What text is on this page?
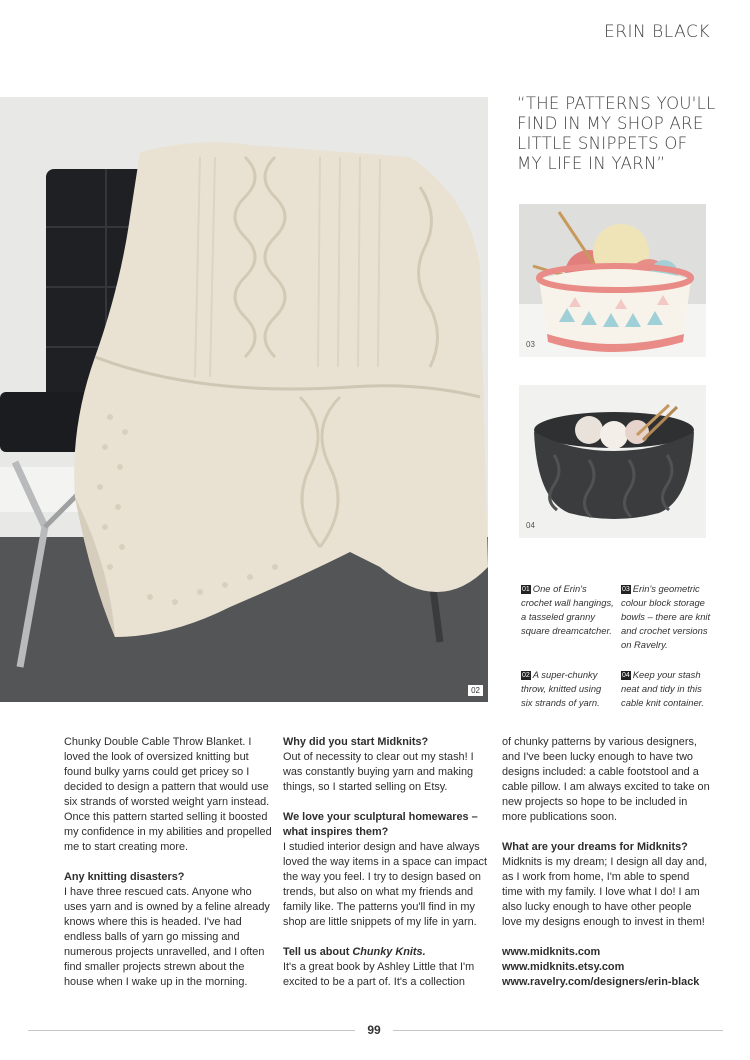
ERIN BLACK
02
“THE PATTERNS YOU'LL FIND IN MY SHOP ARE LITTLE SNIPPETS OF MY LIFE IN YARN”
03
04
01 One of Erin's crochet wall hangings, a tasseled granny square dreamcatcher.
03 Erin's geometric colour block storage bowls – there are knit and crochet versions on Ravelry.
02 A super-chunky throw, knitted using six strands of yarn.
04 Keep your stash neat and tidy in this cable knit container.

Chunky Double Cable Throw Blanket. I loved the look of oversized knitting but found bulky yarns could get pricey so I decided to design a pattern that would use six strands of worsted weight yarn instead. Once this pattern started selling it boosted my confidence in my abilities and propelled me to start creating more.

Any knitting disasters?

I have three rescued cats. Anyone who uses yarn and is owned by a feline already knows where this is headed. I've had endless balls of yarn go missing and numerous projects unravelled, and I often find smaller projects strewn about the house when I wake up in the morning.

Why did you start Midknits?

Out of necessity to clear out my stash! I was constantly buying yarn and making things, so I started selling on Etsy.

We love your sculptural homewares – what inspires them?

I studied interior design and have always loved the way items in a space can impact the way you feel. I try to design based on trends, but also on what my friends and family like. The patterns you'll find in my shop are little snippets of my life in yarn.

Tell us about Chunky Knits.

It's a great book by Ashley Little that I'm excited to be a part of. It's a collection

of chunky patterns by various designers, and I've been lucky enough to have two designs included: a cable footstool and a cable pillow. I am always excited to take on new projects so hope to be included in more publications soon.

What are your dreams for Midknits?

Midknits is my dream; I design all day and, as I work from home, I'm able to spend time with my family. I love what I do! I am also lucky enough to have other people love my designs enough to invest in them!

www.midknits.com
www.midknits.etsy.com
www.ravelry.com/designers/erin-black
99
